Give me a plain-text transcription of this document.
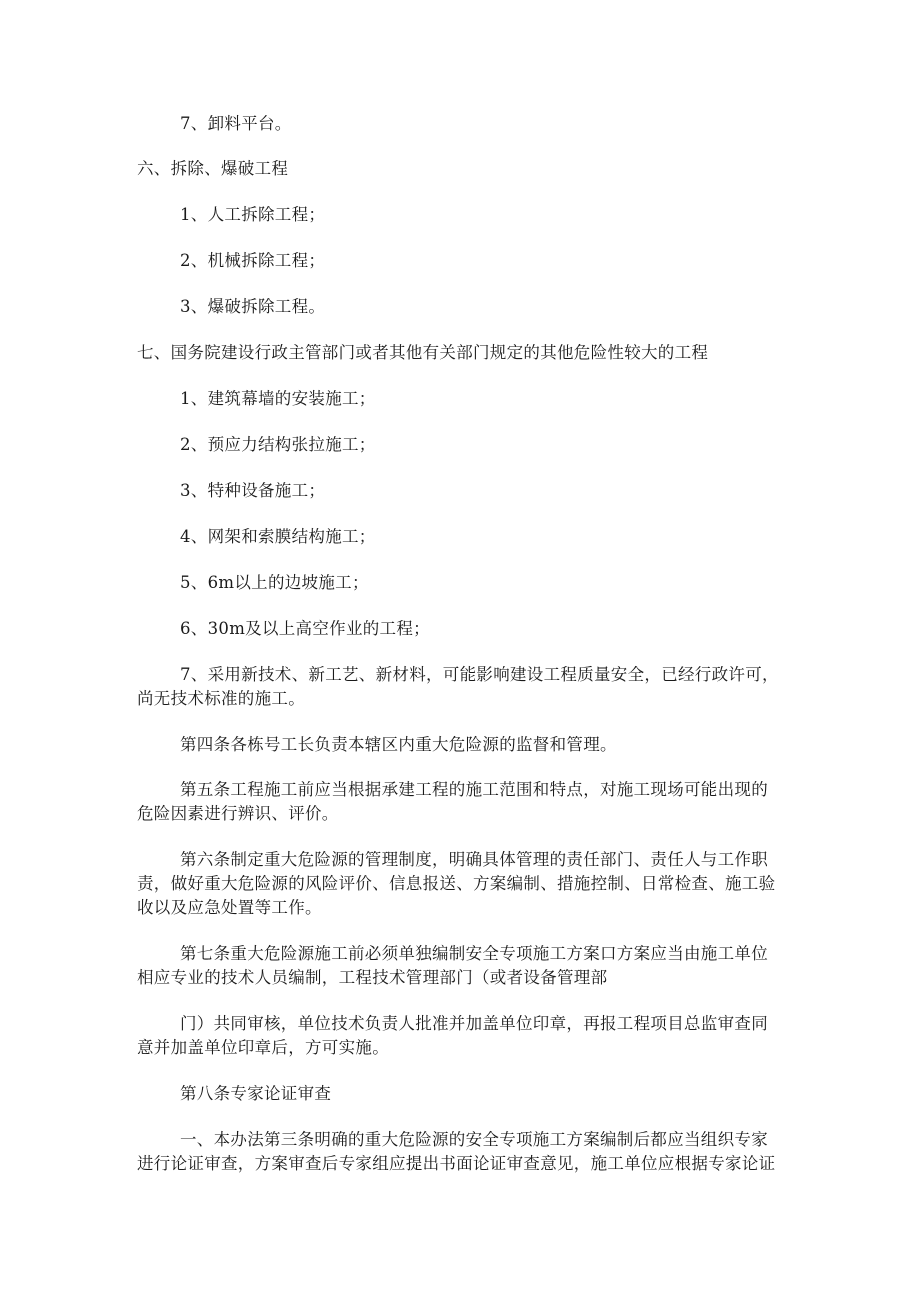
7、卸料平台。
六、拆除、爆破工程
1、人工拆除工程；
2、机械拆除工程；
3、爆破拆除工程。
七、国务院建设行政主管部门或者其他有关部门规定的其他危险性较大的工程
1、建筑幕墙的安装施工；
2、预应力结构张拉施工；
3、特种设备施工；
4、网架和索膜结构施工；
5、6m以上的边坡施工；
6、30m及以上高空作业的工程；
7、采用新技术、新工艺、新材料，可能影响建设工程质量安全，已经行政许可，
尚无技术标准的施工。
第四条各栋号工长负责本辖区内重大危险源的监督和管理。
第五条工程施工前应当根据承建工程的施工范围和特点，对施工现场可能出现的
危险因素进行辨识、评价。
第六条制定重大危险源的管理制度，明确具体管理的责任部门、责任人与工作职
责，做好重大危险源的风险评价、信息报送、方案编制、措施控制、日常检查、施工验
收以及应急处置等工作。
第七条重大危险源施工前必须单独编制安全专项施工方案口方案应当由施工单位
相应专业的技术人员编制，工程技术管理部门（或者设备管理部
门）共同审核，单位技术负责人批准并加盖单位印章，再报工程项目总监审查同
意并加盖单位印章后，方可实施。
第八条专家论证审查
一、本办法第三条明确的重大危险源的安全专项施工方案编制后都应当组织专家
进行论证审查，方案审查后专家组应提出书面论证审查意见，施工单位应根据专家论证
